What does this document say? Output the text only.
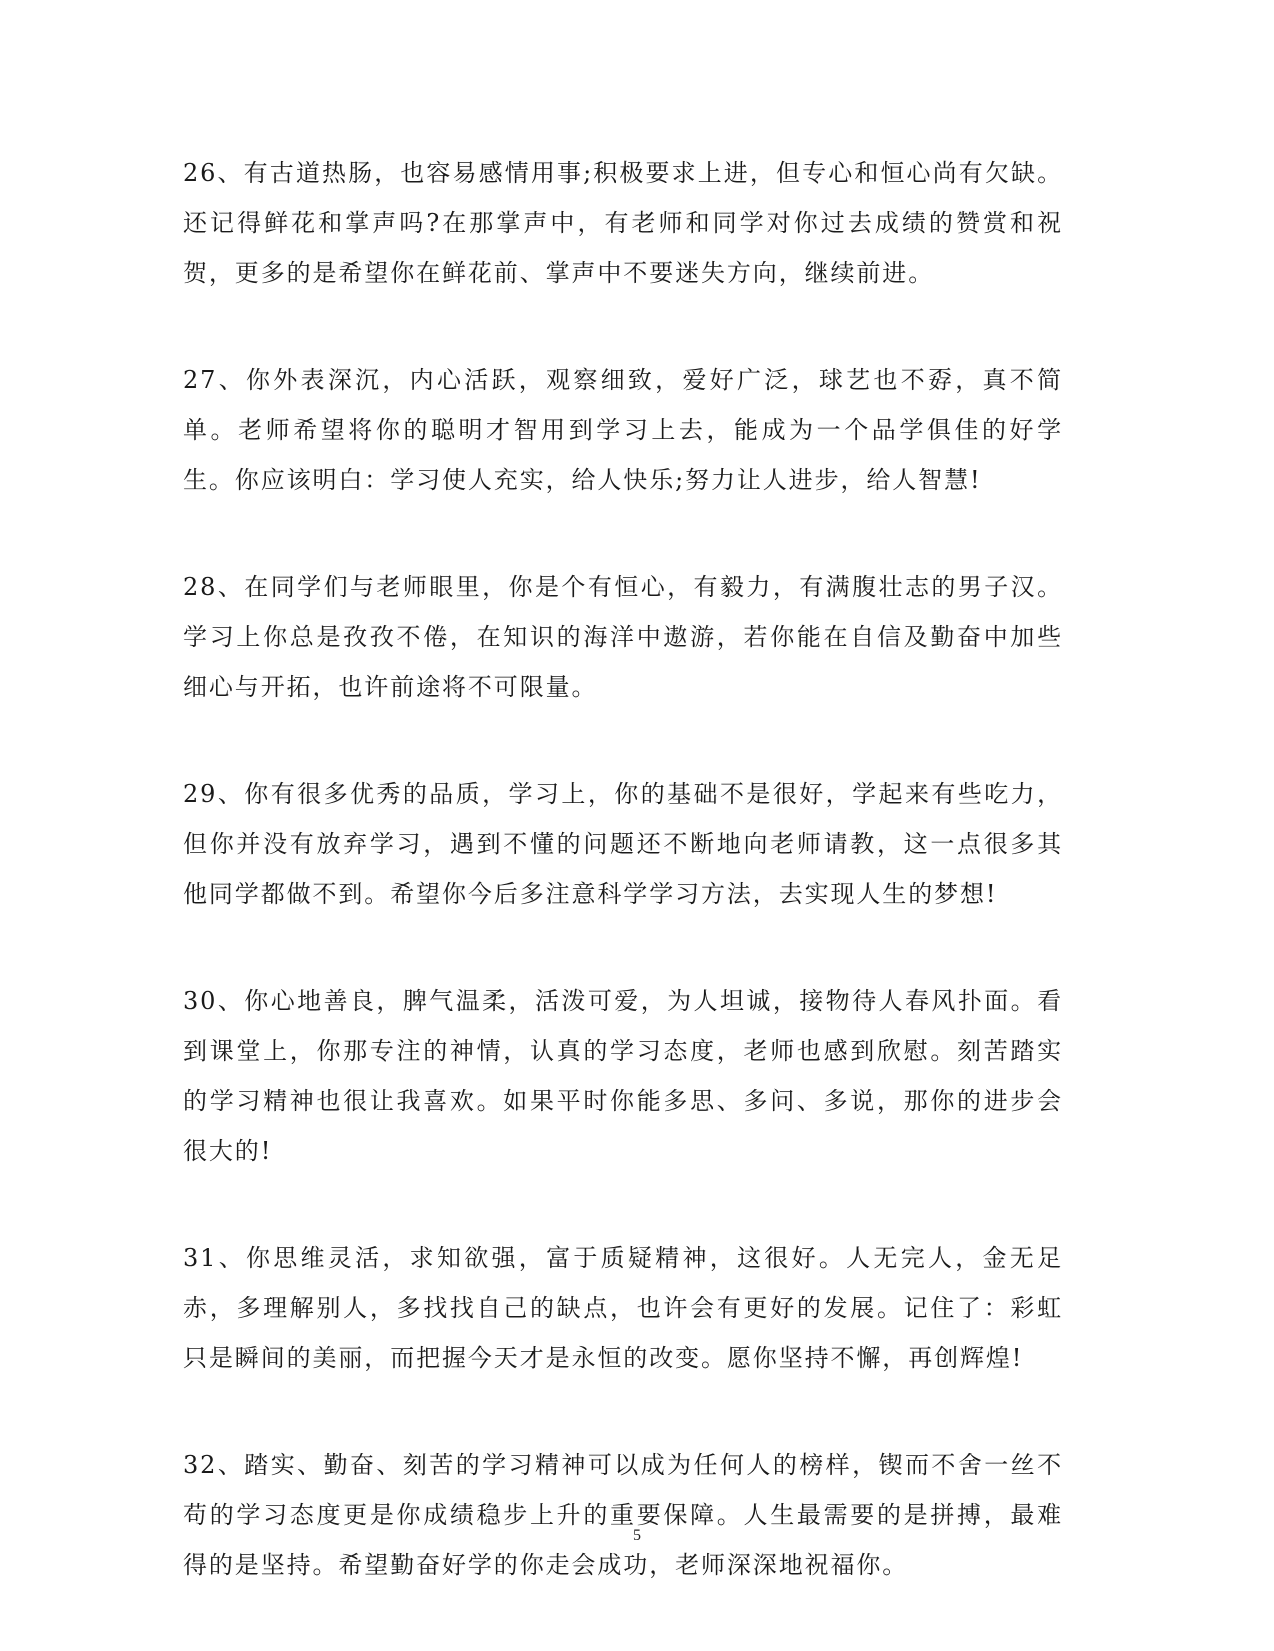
26、有古道热肠，也容易感情用事;积极要求上进，但专心和恒心尚有欠缺。还记得鲜花和掌声吗?在那掌声中，有老师和同学对你过去成绩的赞赏和祝贺，更多的是希望你在鲜花前、掌声中不要迷失方向，继续前进。

27、你外表深沉，内心活跃，观察细致，爱好广泛，球艺也不孬，真不简单。老师希望将你的聪明才智用到学习上去，能成为一个品学俱佳的好学生。你应该明白：学习使人充实，给人快乐;努力让人进步，给人智慧!

28、在同学们与老师眼里，你是个有恒心，有毅力，有满腹壮志的男子汉。学习上你总是孜孜不倦，在知识的海洋中遨游，若你能在自信及勤奋中加些细心与开拓，也许前途将不可限量。

29、你有很多优秀的品质，学习上，你的基础不是很好，学起来有些吃力，但你并没有放弃学习，遇到不懂的问题还不断地向老师请教，这一点很多其他同学都做不到。希望你今后多注意科学学习方法，去实现人生的梦想!

30、你心地善良，脾气温柔，活泼可爱，为人坦诚，接物待人春风扑面。看到课堂上，你那专注的神情，认真的学习态度，老师也感到欣慰。刻苦踏实的学习精神也很让我喜欢。如果平时你能多思、多问、多说，那你的进步会很大的!

31、你思维灵活，求知欲强，富于质疑精神，这很好。人无完人，金无足赤，多理解别人，多找找自己的缺点，也许会有更好的发展。记住了：彩虹只是瞬间的美丽，而把握今天才是永恒的改变。愿你坚持不懈，再创辉煌!

32、踏实、勤奋、刻苦的学习精神可以成为任何人的榜样，锲而不舍一丝不苟的学习态度更是你成绩稳步上升的重要保障。人生最需要的是拼搏，最难得的是坚持。希望勤奋好学的你走会成功，老师深深地祝福你。

5
